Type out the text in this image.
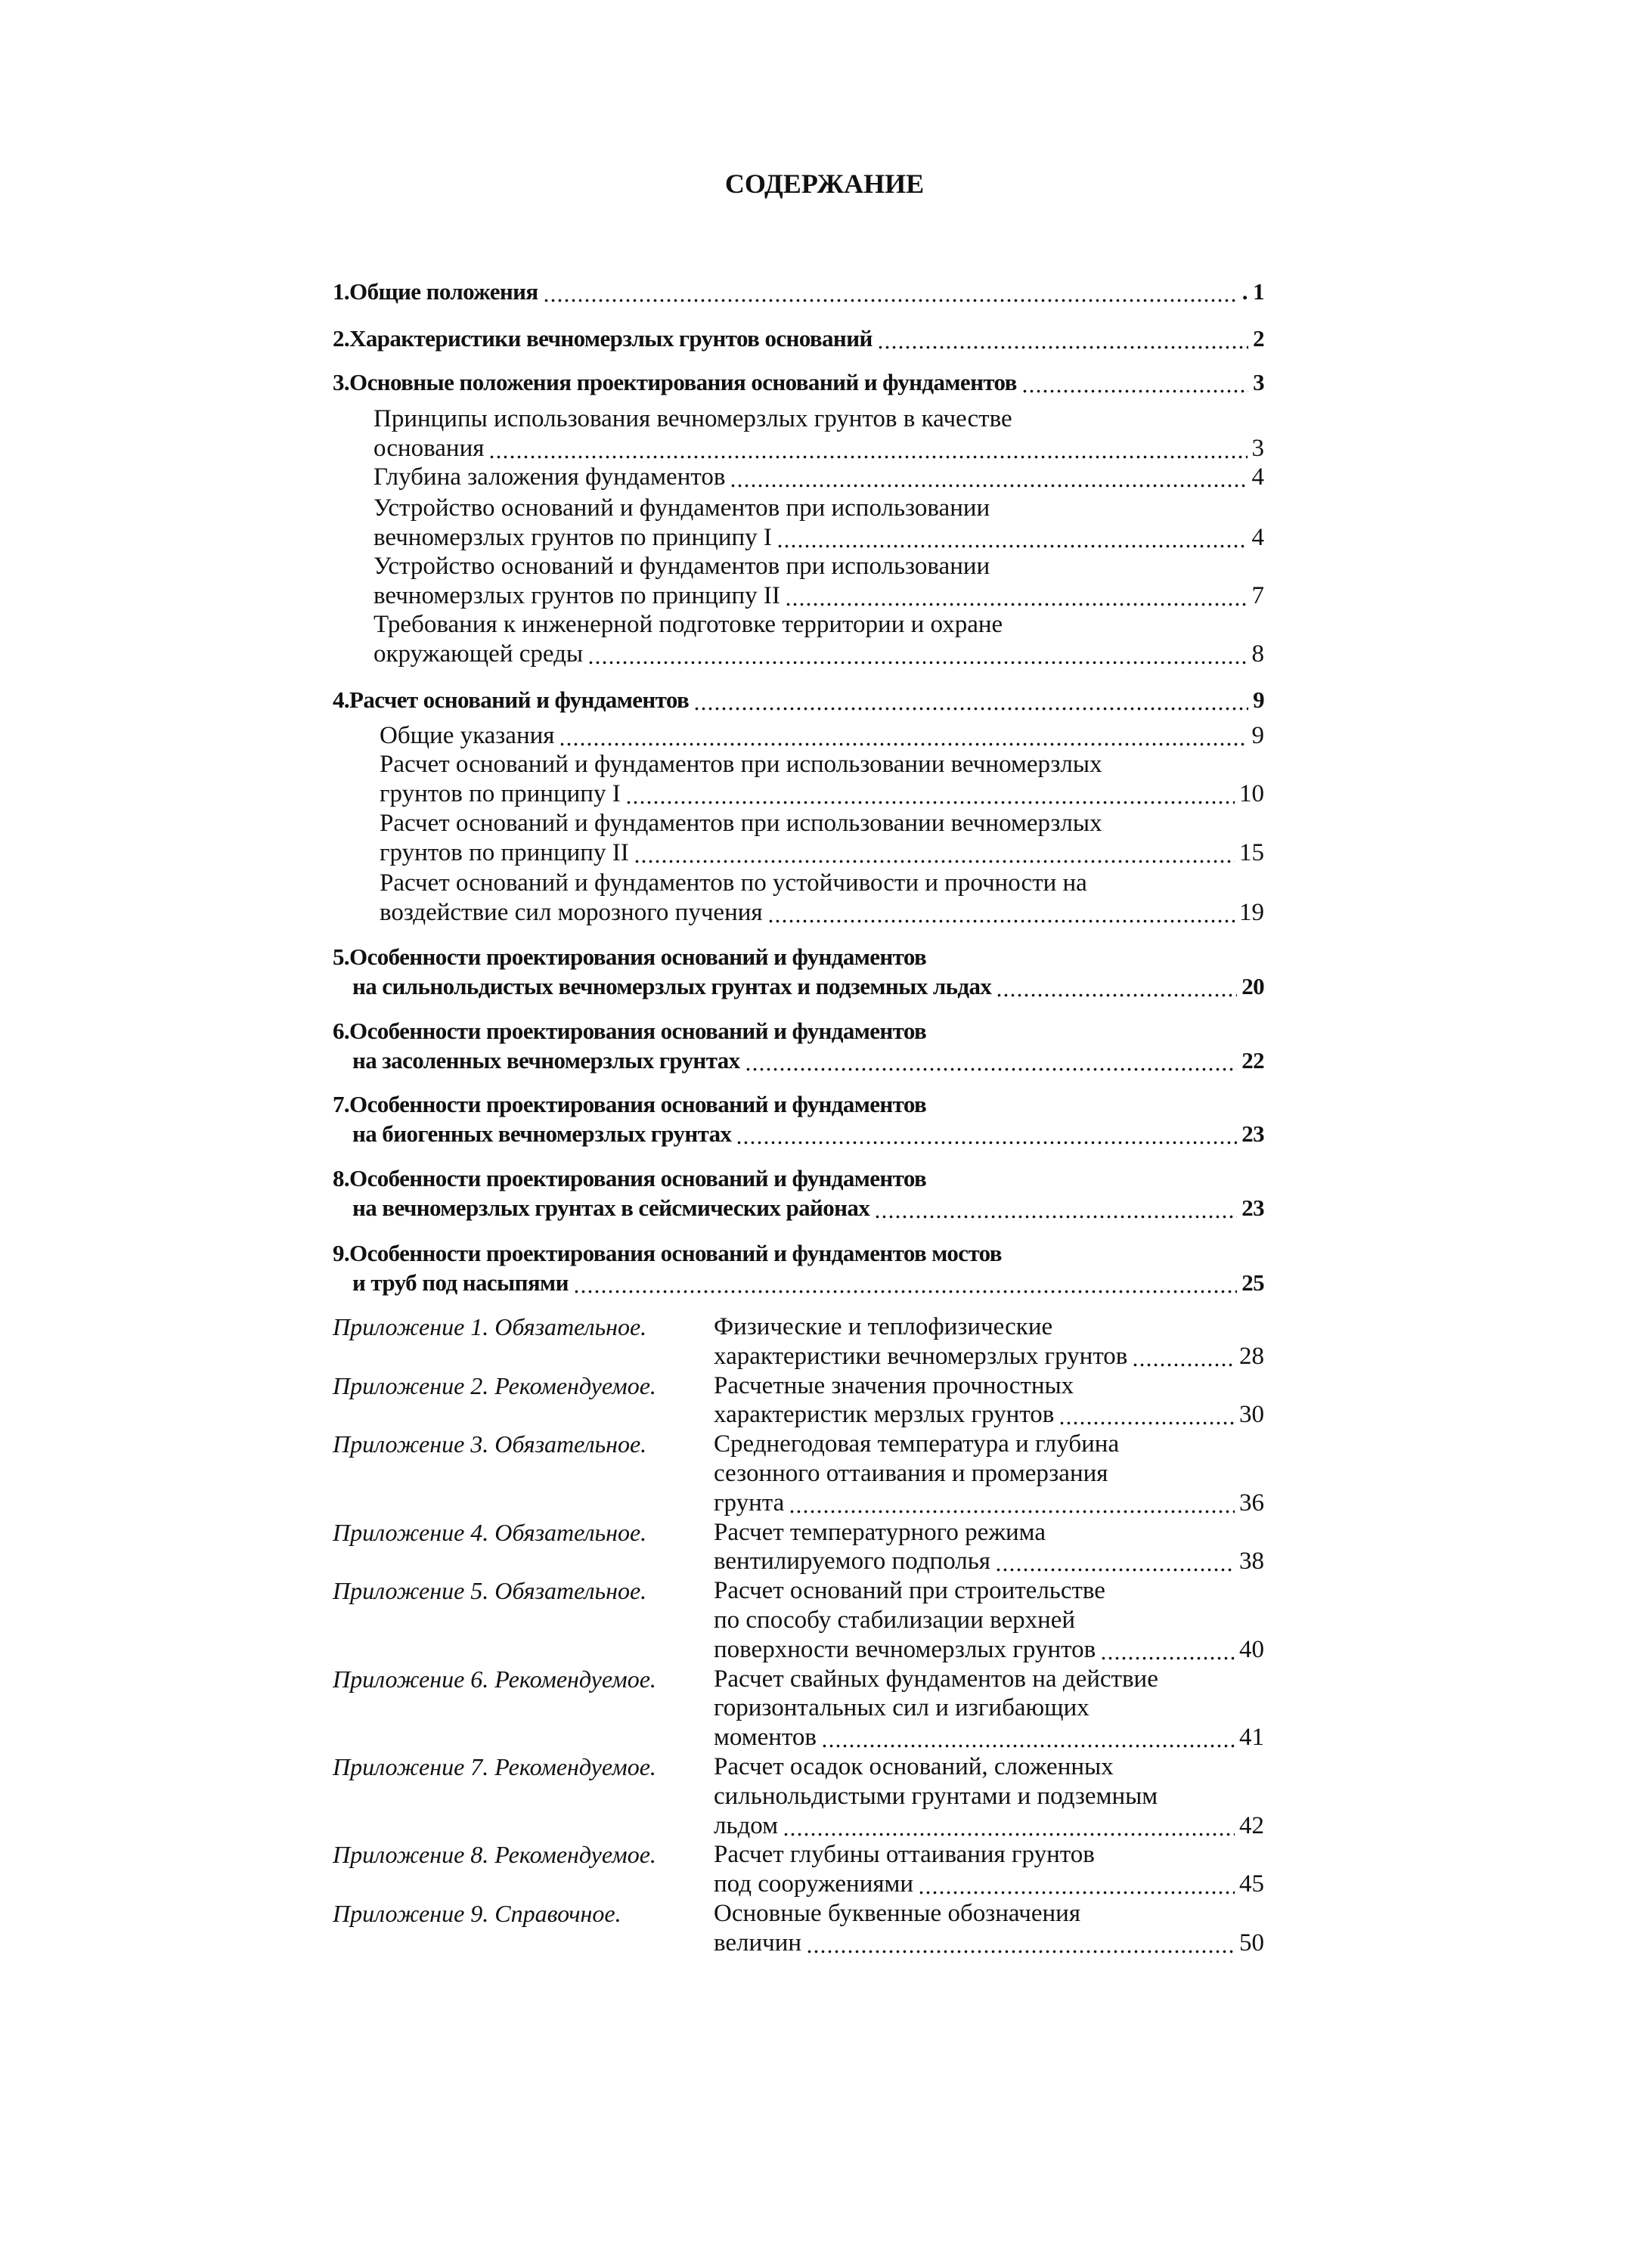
СОДЕРЖАНИЕ
1.Общие положения	. 1
2.Характеристики вечномерзлых грунтов оснований	2
3.Основные положения проектирования оснований и фундаментов	3
Принципы использования вечномерзлых грунтов в качестве
основания	3
Глубина заложения фундаментов	4
Устройство оснований и фундаментов при использовании
вечномерзлых грунтов по принципу I	4
Устройство оснований и фундаментов при использовании
вечномерзлых грунтов по принципу II	7
Требования к инженерной подготовке территории и охране
окружающей среды	8
4.Расчет оснований и фундаментов	9
Общие указания	9
Расчет оснований и фундаментов при использовании вечномерзлых
грунтов по принципу I	10
Расчет оснований и фундаментов при использовании вечномерзлых
грунтов по принципу II	15
Расчет оснований и фундаментов по устойчивости и прочности на
воздействие сил морозного пучения	19
5.Особенности проектирования оснований и фундаментов
на сильнольдистых вечномерзлых грунтах и подземных льдах	20
6.Особенности проектирования оснований и фундаментов
на засоленных вечномерзлых грунтах	22
7.Особенности проектирования оснований и фундаментов
на биогенных вечномерзлых грунтах	23
8.Особенности проектирования оснований и фундаментов
на вечномерзлых грунтах в сейсмических районах	23
9.Особенности проектирования оснований и фундаментов мостов
и труб под насыпями	25
Приложение 1. Обязательное.	Физические и теплофизические
характеристики вечномерзлых грунтов	28
Приложение 2. Рекомендуемое. Расчетные значения прочностных
характеристик мерзлых грунтов	30
Приложение 3. Обязательное.	Среднегодовая температура и глубина
сезонного оттаивания и промерзания
грунта	36
Приложение 4. Обязательное.	Расчет температурного режима
вентилируемого подполья	38
Приложение 5. Обязательное.	Расчет оснований при строительстве
по способу стабилизации верхней
поверхности вечномерзлых грунтов	40
Приложение 6. Рекомендуемое. Расчет свайных фундаментов на действие
горизонтальных сил и изгибающих
моментов	41
Приложение 7. Рекомендуемое. Расчет осадок оснований, сложенных
сильнольдистыми грунтами и подземным
льдом	42
Приложение 8. Рекомендуемое. Расчет глубины оттаивания грунтов
под сооружениями	45
Приложение 9. Справочное.	Основные буквенные обозначения
величин	50
